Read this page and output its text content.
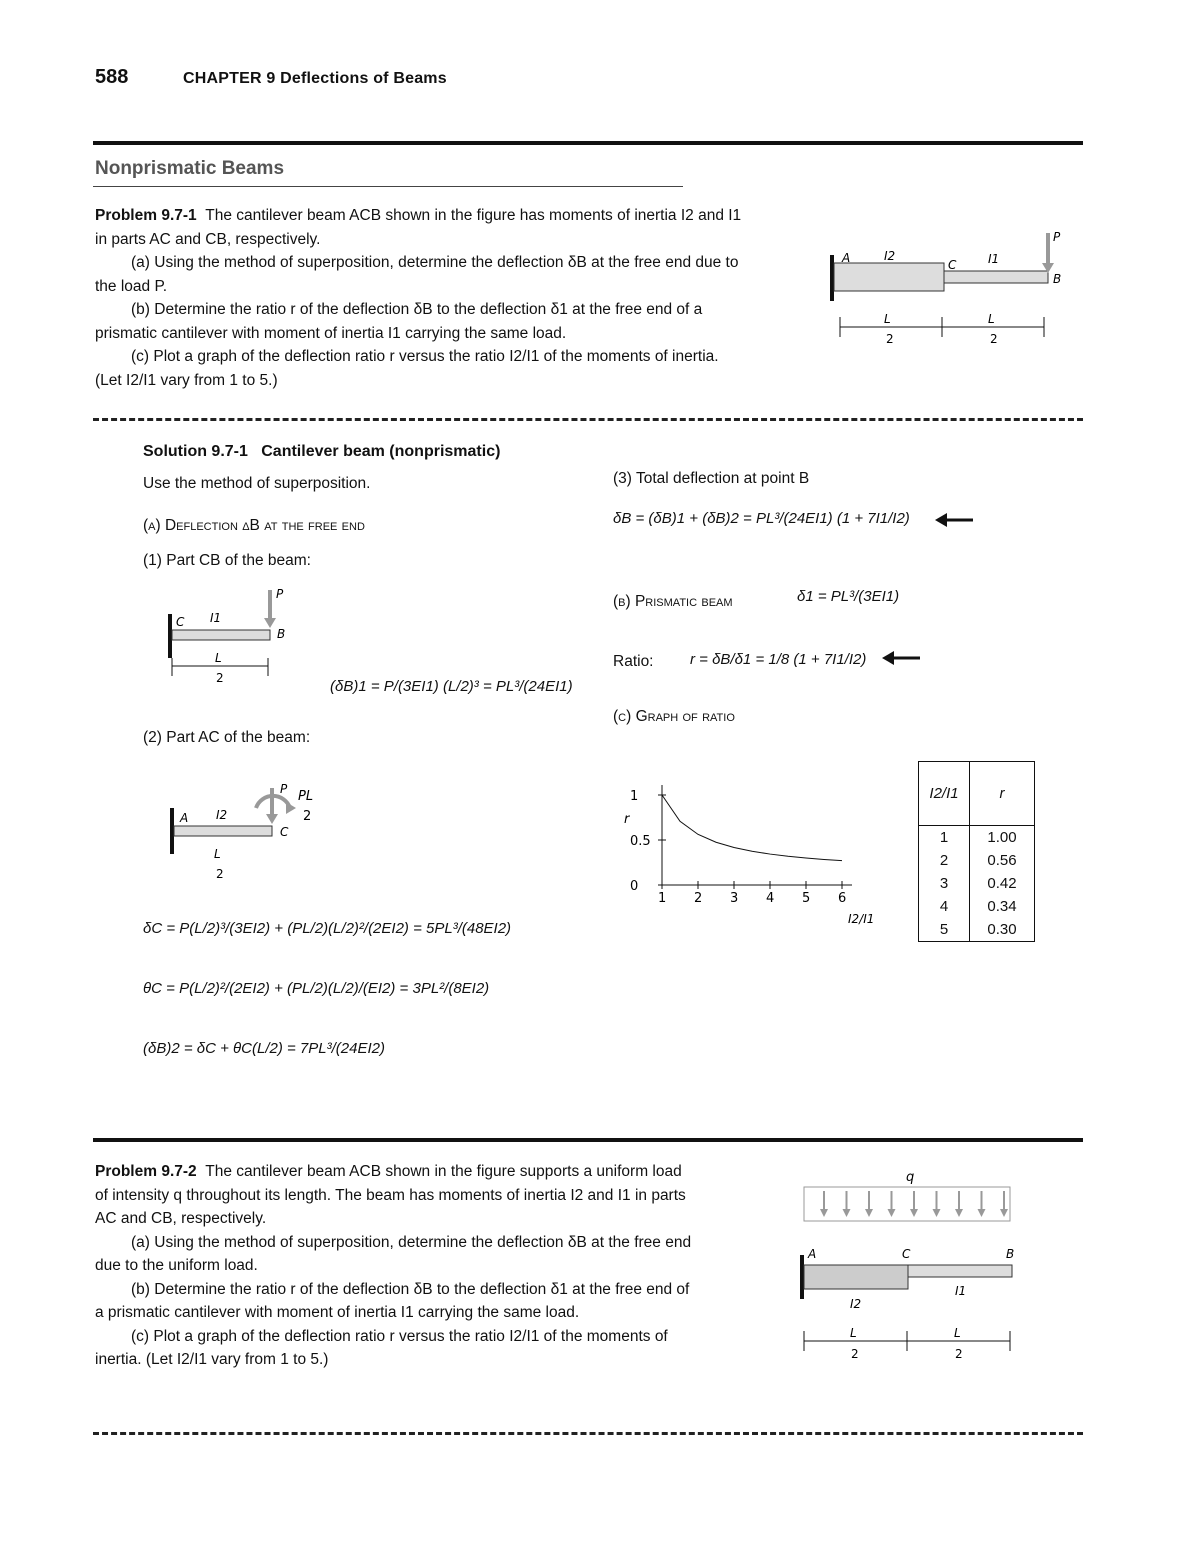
588	CHAPTER 9 Deflections of Beams
Nonprismatic Beams
Problem 9.7-1 The cantilever beam ACB shown in the figure has moments of inertia I2 and I1 in parts AC and CB, respectively.
(a) Using the method of superposition, determine the deflection δB at the free end due to the load P.
(b) Determine the ratio r of the deflection δB to the deflection δ1 at the free end of a prismatic cantilever with moment of inertia I1 carrying the same load.
(c) Plot a graph of the deflection ratio r versus the ratio I2/I1 of the moments of inertia. (Let I2/I1 vary from 1 to 5.)
A	I2
C	I1
P
B
L
2
L
2
Solution 9.7-1 Cantilever beam (nonprismatic)
Use the method of superposition.
(a) Deflection δB at the free end
(1) Part CB of the beam:
C I1
P
B
L
2	(δB)1 = P/(3EI1) (L/2)³ = PL³/(24EI1)
(2) Part AC of the beam:
A I2
P PL
2
C
L
2
δC = P(L/2)³/(3EI2) + (PL/2)(L/2)²/(2EI2) = 5PL³/(48EI2)
θC = P(L/2)²/(2EI2) + (PL/2)(L/2)/(EI2) = 3PL²/(8EI2)
(δB)2 = δC + θC(L/2) = 7PL³/(24EI2)
(3) Total deflection at point B
δB = (δB)1 + (δB)2 = PL³/(24EI1) (1 + 7I1/I2)
(b) Prismatic beam	δ1 = PL³/(3EI1)
Ratio: r = δB/δ1 = 1/8 (1 + 7I1/I2)
(c) Graph of ratio
1 2 3 4 5 6
0
0.5
1
r
I2/I1
I2/I1	r
1	1.00
2	0.56
3	0.42
4	0.34
5	0.30
Problem 9.7-2 The cantilever beam ACB shown in the figure supports a uniform load of intensity q throughout its length. The beam has moments of inertia I2 and I1 in parts AC and CB, respectively.
(a) Using the method of superposition, determine the deflection δB at the free end due to the uniform load.
(b) Determine the ratio r of the deflection δB to the deflection δ1 at the free end of a prismatic cantilever with moment of inertia I1 carrying the same load.
(c) Plot a graph of the deflection ratio r versus the ratio I2/I1 of the moments of inertia. (Let I2/I1 vary from 1 to 5.)
q
A	C	B
I2
I1
L
2
L
2
